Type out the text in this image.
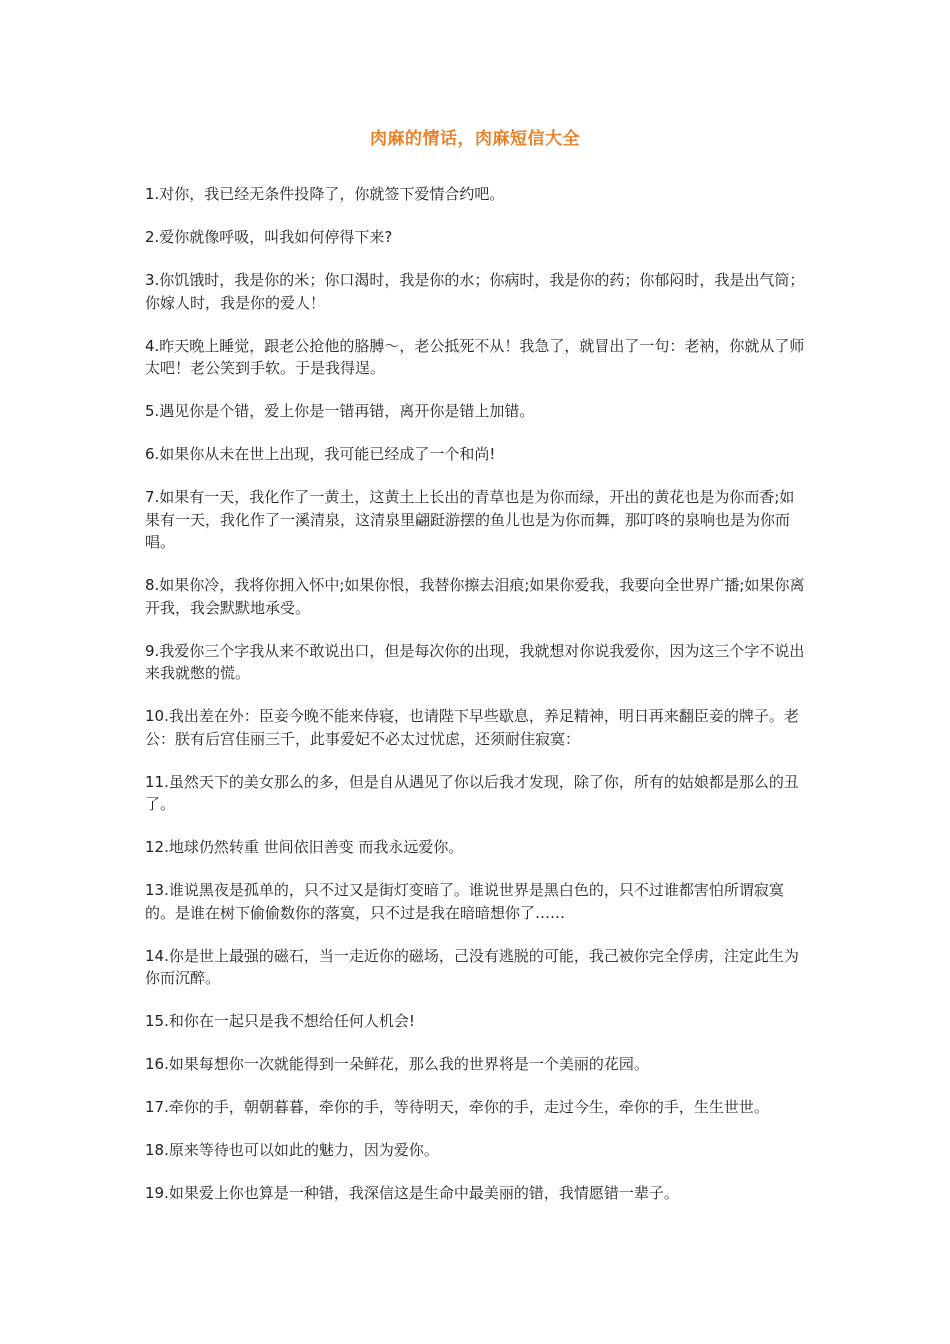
肉麻的情话，肉麻短信大全
1.对你，我已经无条件投降了，你就签下爱情合约吧。
2.爱你就像呼吸，叫我如何停得下来?
3.你饥饿时，我是你的米；你口渴时，我是你的水；你病时，我是你的药；你郁闷时，我是出气筒；你嫁人时，我是你的爱人！
4.昨天晚上睡觉，跟老公抢他的胳膊～，老公抵死不从！我急了，就冒出了一句：老衲，你就从了师太吧！老公笑到手软。于是我得逞。
5.遇见你是个错，爱上你是一错再错，离开你是错上加错。
6.如果你从未在世上出现，我可能已经成了一个和尚!
7.如果有一天，我化作了一黄土，这黄土上长出的青草也是为你而绿，开出的黄花也是为你而香;如果有一天，我化作了一溪清泉，这清泉里翩跹游摆的鱼儿也是为你而舞，那叮咚的泉响也是为你而唱。
8.如果你冷，我将你拥入怀中;如果你恨，我替你擦去泪痕;如果你爱我，我要向全世界广播;如果你离开我，我会默默地承受。
9.我爱你三个字我从来不敢说出口，但是每次你的出现，我就想对你说我爱你，因为这三个字不说出来我就憋的慌。
10.我出差在外：臣妾今晚不能来侍寝，也请陛下早些歇息，养足精神，明日再来翻臣妾的牌子。老公：朕有后宫佳丽三千，此事爱妃不必太过忧虑，还须耐住寂寞：
11.虽然天下的美女那么的多，但是自从遇见了你以后我才发现，除了你，所有的姑娘都是那么的丑了。
12.地球仍然转重 世间依旧善变 而我永远爱你。
13.谁说黑夜是孤单的，只不过又是街灯变暗了。谁说世界是黑白色的，只不过谁都害怕所谓寂寞的。是谁在树下偷偷数你的落寞，只不过是我在暗暗想你了……
14.你是世上最强的磁石，当一走近你的磁场，己没有逃脱的可能，我己被你完全俘虏，注定此生为你而沉醉。
15.和你在一起只是我不想给任何人机会!
16.如果每想你一次就能得到一朵鲜花，那么我的世界将是一个美丽的花园。
17.牵你的手，朝朝暮暮，牵你的手，等待明天，牵你的手，走过今生，牵你的手，生生世世。
18.原来等待也可以如此的魅力，因为爱你。
19.如果爱上你也算是一种错，我深信这是生命中最美丽的错，我情愿错一辈子。
